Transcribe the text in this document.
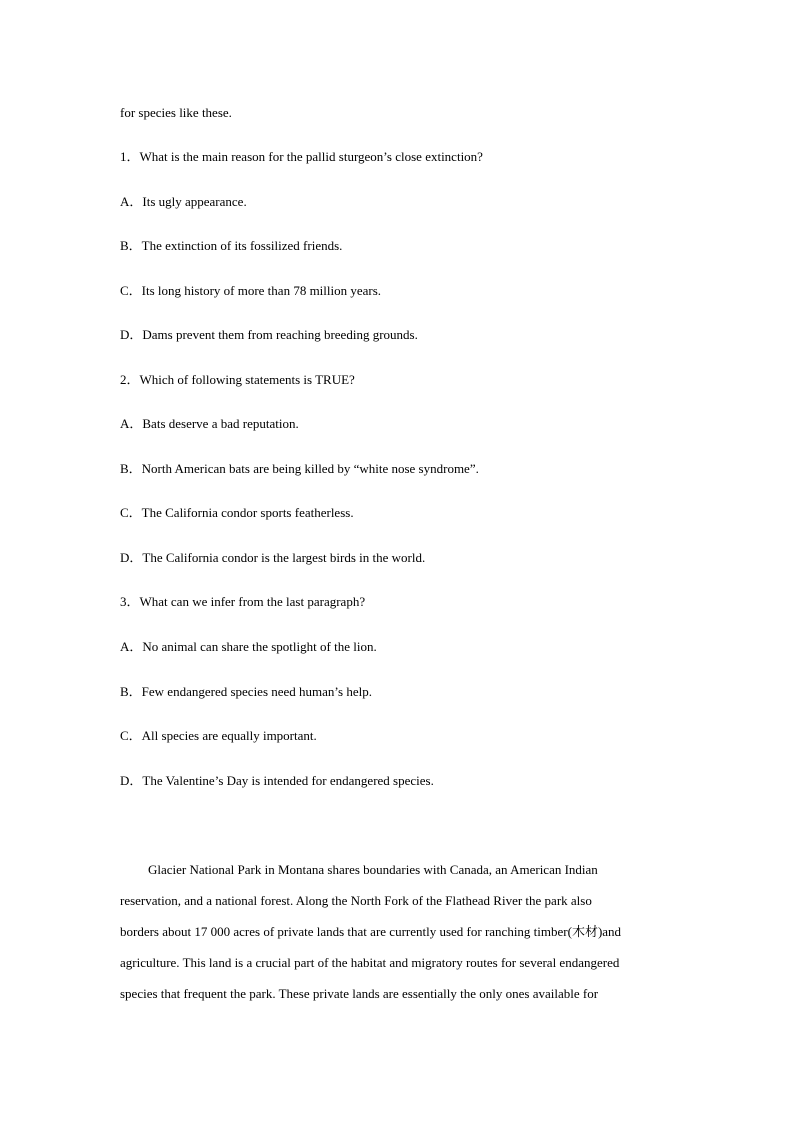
for species like these.
1．What is the main reason for the pallid sturgeon’s close extinction?
A．Its ugly appearance.
B．The extinction of its fossilized friends.
C．Its long history of more than 78 million years.
D．Dams prevent them from reaching breeding grounds.
2．Which of following statements is TRUE?
A．Bats deserve a bad reputation.
B．North American bats are being killed by “white nose syndrome”.
C．The California condor sports featherless.
D．The California condor is the largest birds in the world.
3．What can we infer from the last paragraph?
A．No animal can share the spotlight of the lion.
B．Few endangered species need human’s help.
C．All species are equally important.
D．The Valentine’s Day is intended for endangered species.
Glacier National Park in Montana shares boundaries with Canada, an American Indian
reservation, and a national forest. Along the North Fork of the Flathead River the park also
borders about 17 000 acres of private lands that are currently used for ranching timber(木材)and
agriculture. This land is a crucial part of the habitat and migratory routes for several endangered
species that frequent the park. These private lands are essentially the only ones available for
